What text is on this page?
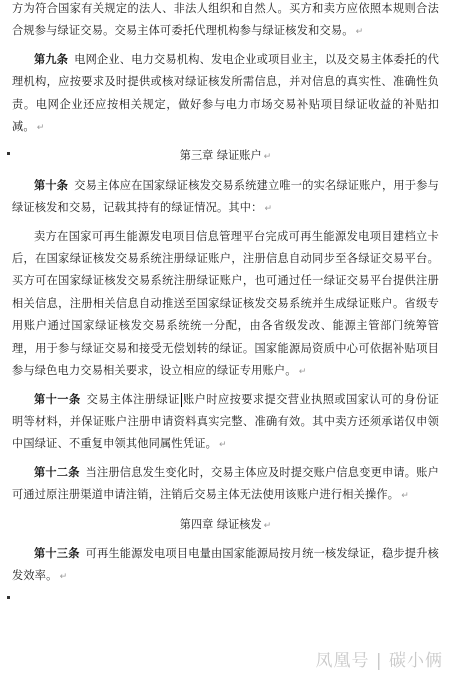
方为符合国家有关规定的法人、非法人组织和自然人。买方和卖方应依照本规则合法合规参与绿证交易。交易主体可委托代理机构参与绿证核发和交易。 ↵

第九条 电网企业、电力交易机构、发电企业或项目业主，以及交易主体委托的代理机构，应按要求及时提供或核对绿证核发所需信息，并对信息的真实性、准确性负责。电网企业还应按相关规定，做好参与电力市场交易补贴项目绿证收益的补贴扣减。 ↵

第三章 绿证账户 ↵

第十条 交易主体应在国家绿证核发交易系统建立唯一的实名绿证账户，用于参与绿证核发和交易，记载其持有的绿证情况。其中： ↵

卖方在国家可再生能源发电项目信息管理平台完成可再生能源发电项目建档立卡后，在国家绿证核发交易系统注册绿证账户，注册信息自动同步至各绿证交易平台。买方可在国家绿证核发交易系统注册绿证账户，也可通过任一绿证交易平台提供注册相关信息，注册相关信息自动推送至国家绿证核发交易系统并生成绿证账户。省级专用账户通过国家绿证核发交易系统统一分配，由各省级发改、能源主管部门统筹管理，用于参与绿证交易和接受无偿划转的绿证。国家能源局资质中心可依据补贴项目参与绿色电力交易相关要求，设立相应的绿证专用账户。 ↵

第十一条 交易主体注册绿证 账户时应按要求提交营业执照或国家认可的身份证明等材料，并保证账户注册申请资料真实完整、准确有效。其中卖方还须承诺仅申领中国绿证、不重复申领其他同属性凭证。 ↵

第十二条 当注册信息发生变化时，交易主体应及时提交账户信息变更申请。账户可通过原注册渠道申请注销，注销后交易主体无法使用该账户进行相关操作。 ↵

第四章 绿证核发 ↵

第十三条 可再生能源发电项目电量由国家能源局按月统一核发绿证，稳步提升核发效率。 ↵

凤凰号 | 碳小俩
